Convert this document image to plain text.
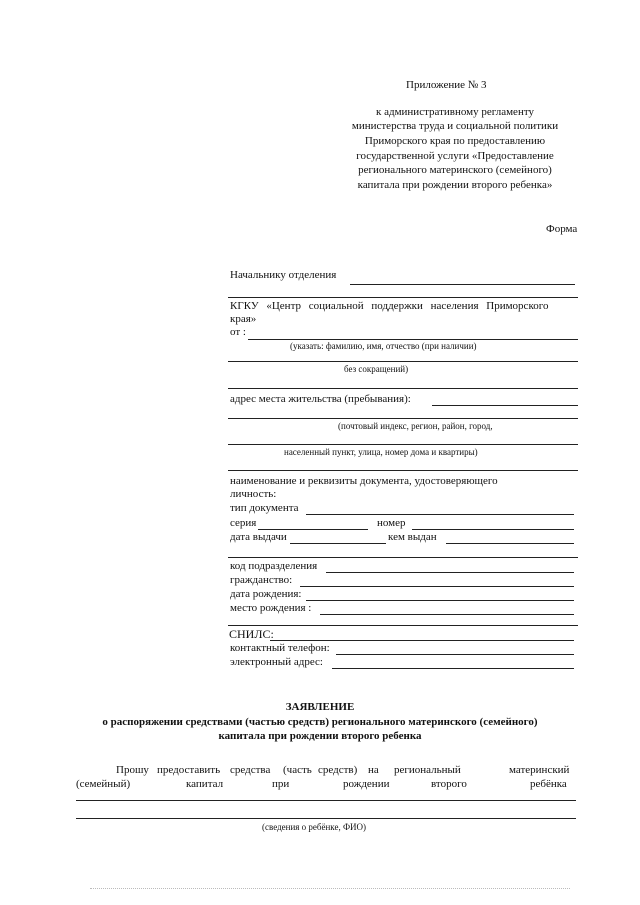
Приложение № 3
к административному регламенту
министерства труда и социальной политики
Приморского края по предоставлению
государственной услуги «Предоставление
регионального материнского (семейного)
капитала при рождении второго ребенка»
Форма
Начальнику отделения
КГКУ «Центр социальной поддержки населения Приморского
края»
от :
(указать: фамилию, имя, отчество (при наличии)
без сокращений)
адрес места жительства (пребывания):
(почтовый индекс, регион, район, город,
населенный пункт, улица, номер дома и квартиры)
наименование и реквизиты документа, удостоверяющего
личность:
тип документа
серия	номер
дата выдачи	кем выдан
код подразделения
гражданство:
дата рождения:
место рождения :
СНИЛС:
контактный телефон:
электронный адрес:
ЗАЯВЛЕНИЕ
о распоряжении средствами (частью средств) регионального материнского (семейного)
капитала при рождении второго ребенка
Прошу предоставить средства (часть средств) на региональный	материнский
(семейный)	капитал	при	рождении	второго	ребёнка
(сведения о ребёнке, ФИО)
